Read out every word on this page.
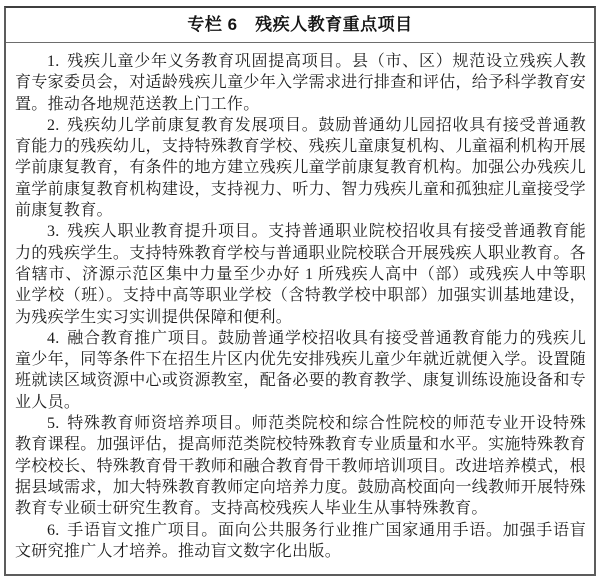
专栏 6　残疾人教育重点项目

1. 残疾儿童少年义务教育巩固提高项目。县（市、区）规范设立残疾人教育专家委员会，对适龄残疾儿童少年入学需求进行排查和评估，给予科学教育安置。推动各地规范送教上门工作。

2. 残疾幼儿学前康复教育发展项目。鼓励普通幼儿园招收具有接受普通教育能力的残疾幼儿，支持特殊教育学校、残疾儿童康复机构、儿童福利机构开展学前康复教育，有条件的地方建立残疾儿童学前康复教育机构。加强公办残疾儿童学前康复教育机构建设，支持视力、听力、智力残疾儿童和孤独症儿童接受学前康复教育。

3. 残疾人职业教育提升项目。支持普通职业院校招收具有接受普通教育能力的残疾学生。支持特殊教育学校与普通职业院校联合开展残疾人职业教育。各省辖市、济源示范区集中力量至少办好 1 所残疾人高中（部）或残疾人中等职业学校（班）。支持中高等职业学校（含特教学校中职部）加强实训基地建设，为残疾学生实习实训提供保障和便利。

4. 融合教育推广项目。鼓励普通学校招收具有接受普通教育能力的残疾儿童少年，同等条件下在招生片区内优先安排残疾儿童少年就近就便入学。设置随班就读区域资源中心或资源教室，配备必要的教育教学、康复训练设施设备和专业人员。

5. 特殊教育师资培养项目。师范类院校和综合性院校的师范专业开设特殊教育课程。加强评估，提高师范类院校特殊教育专业质量和水平。实施特殊教育学校校长、特殊教育骨干教师和融合教育骨干教师培训项目。改进培养模式，根据县域需求，加大特殊教育教师定向培养力度。鼓励高校面向一线教师开展特殊教育专业硕士研究生教育。支持高校残疾人毕业生从事特殊教育。

6. 手语盲文推广项目。面向公共服务行业推广国家通用手语。加强手语盲文研究推广人才培养。推动盲文数字化出版。
